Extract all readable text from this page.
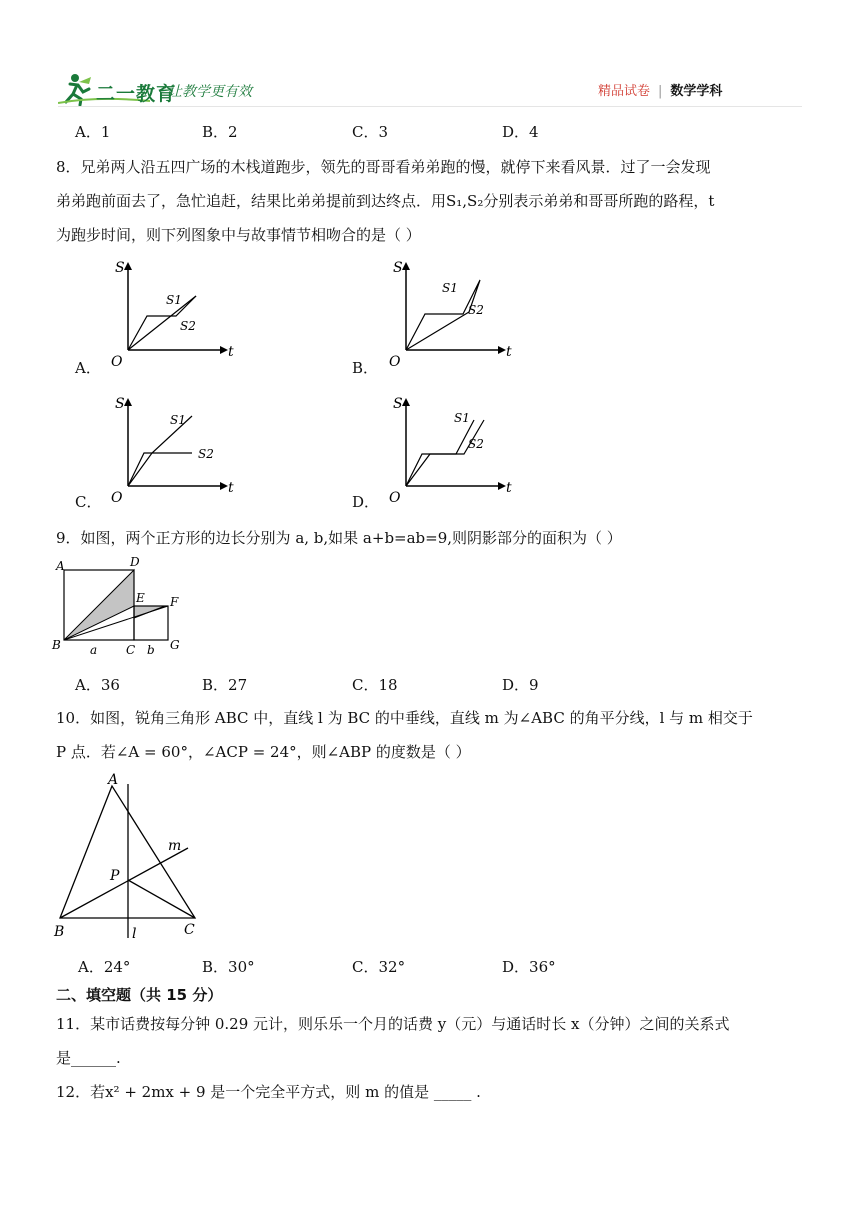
二一教育
让教学更有效	精品试卷 | 数学学科
A．1	B．2	C．3	D．4
8．兄弟两人沿五四广场的木栈道跑步，领先的哥哥看弟弟跑的慢，就停下来看风景．过了一会发现
弟弟跑前面去了，急忙追赶，结果比弟弟提前到达终点．用S₁,S₂分别表示弟弟和哥哥所跑的路程，t
为跑步时间，则下列图象中与故事情节相吻合的是（ ）
A．	B．
C．	D．
S
t
O
S1
S2
S
t
O
S1
S2
S
t
O
S1
S2
S
t
O
S1
S2
9．如图，两个正方形的边长分别为 a, b,如果 a+b=ab=9,则阴影部分的面积为（ ）
A	D
E F
B	C	G
a	b
A．36	B．27	C．18	D．9
10．如图，锐角三角形 ABC 中，直线 l 为 BC 的中垂线，直线 m 为∠ABC 的角平分线，l 与 m 相交于
P 点．若∠A = 60°，∠ACP = 24°，则∠ABP 的度数是（ ）
A
B	C
P
m
l
A．24°	B．30°	C．32°	D．36°
二、填空题（共 15 分）
11．某市话费按每分钟 0.29 元计，则乐乐一个月的话费 y（元）与通话时长 x（分钟）之间的关系式
是______.
12．若x² + 2mx + 9 是一个完全平方式，则 m 的值是 _____ .
